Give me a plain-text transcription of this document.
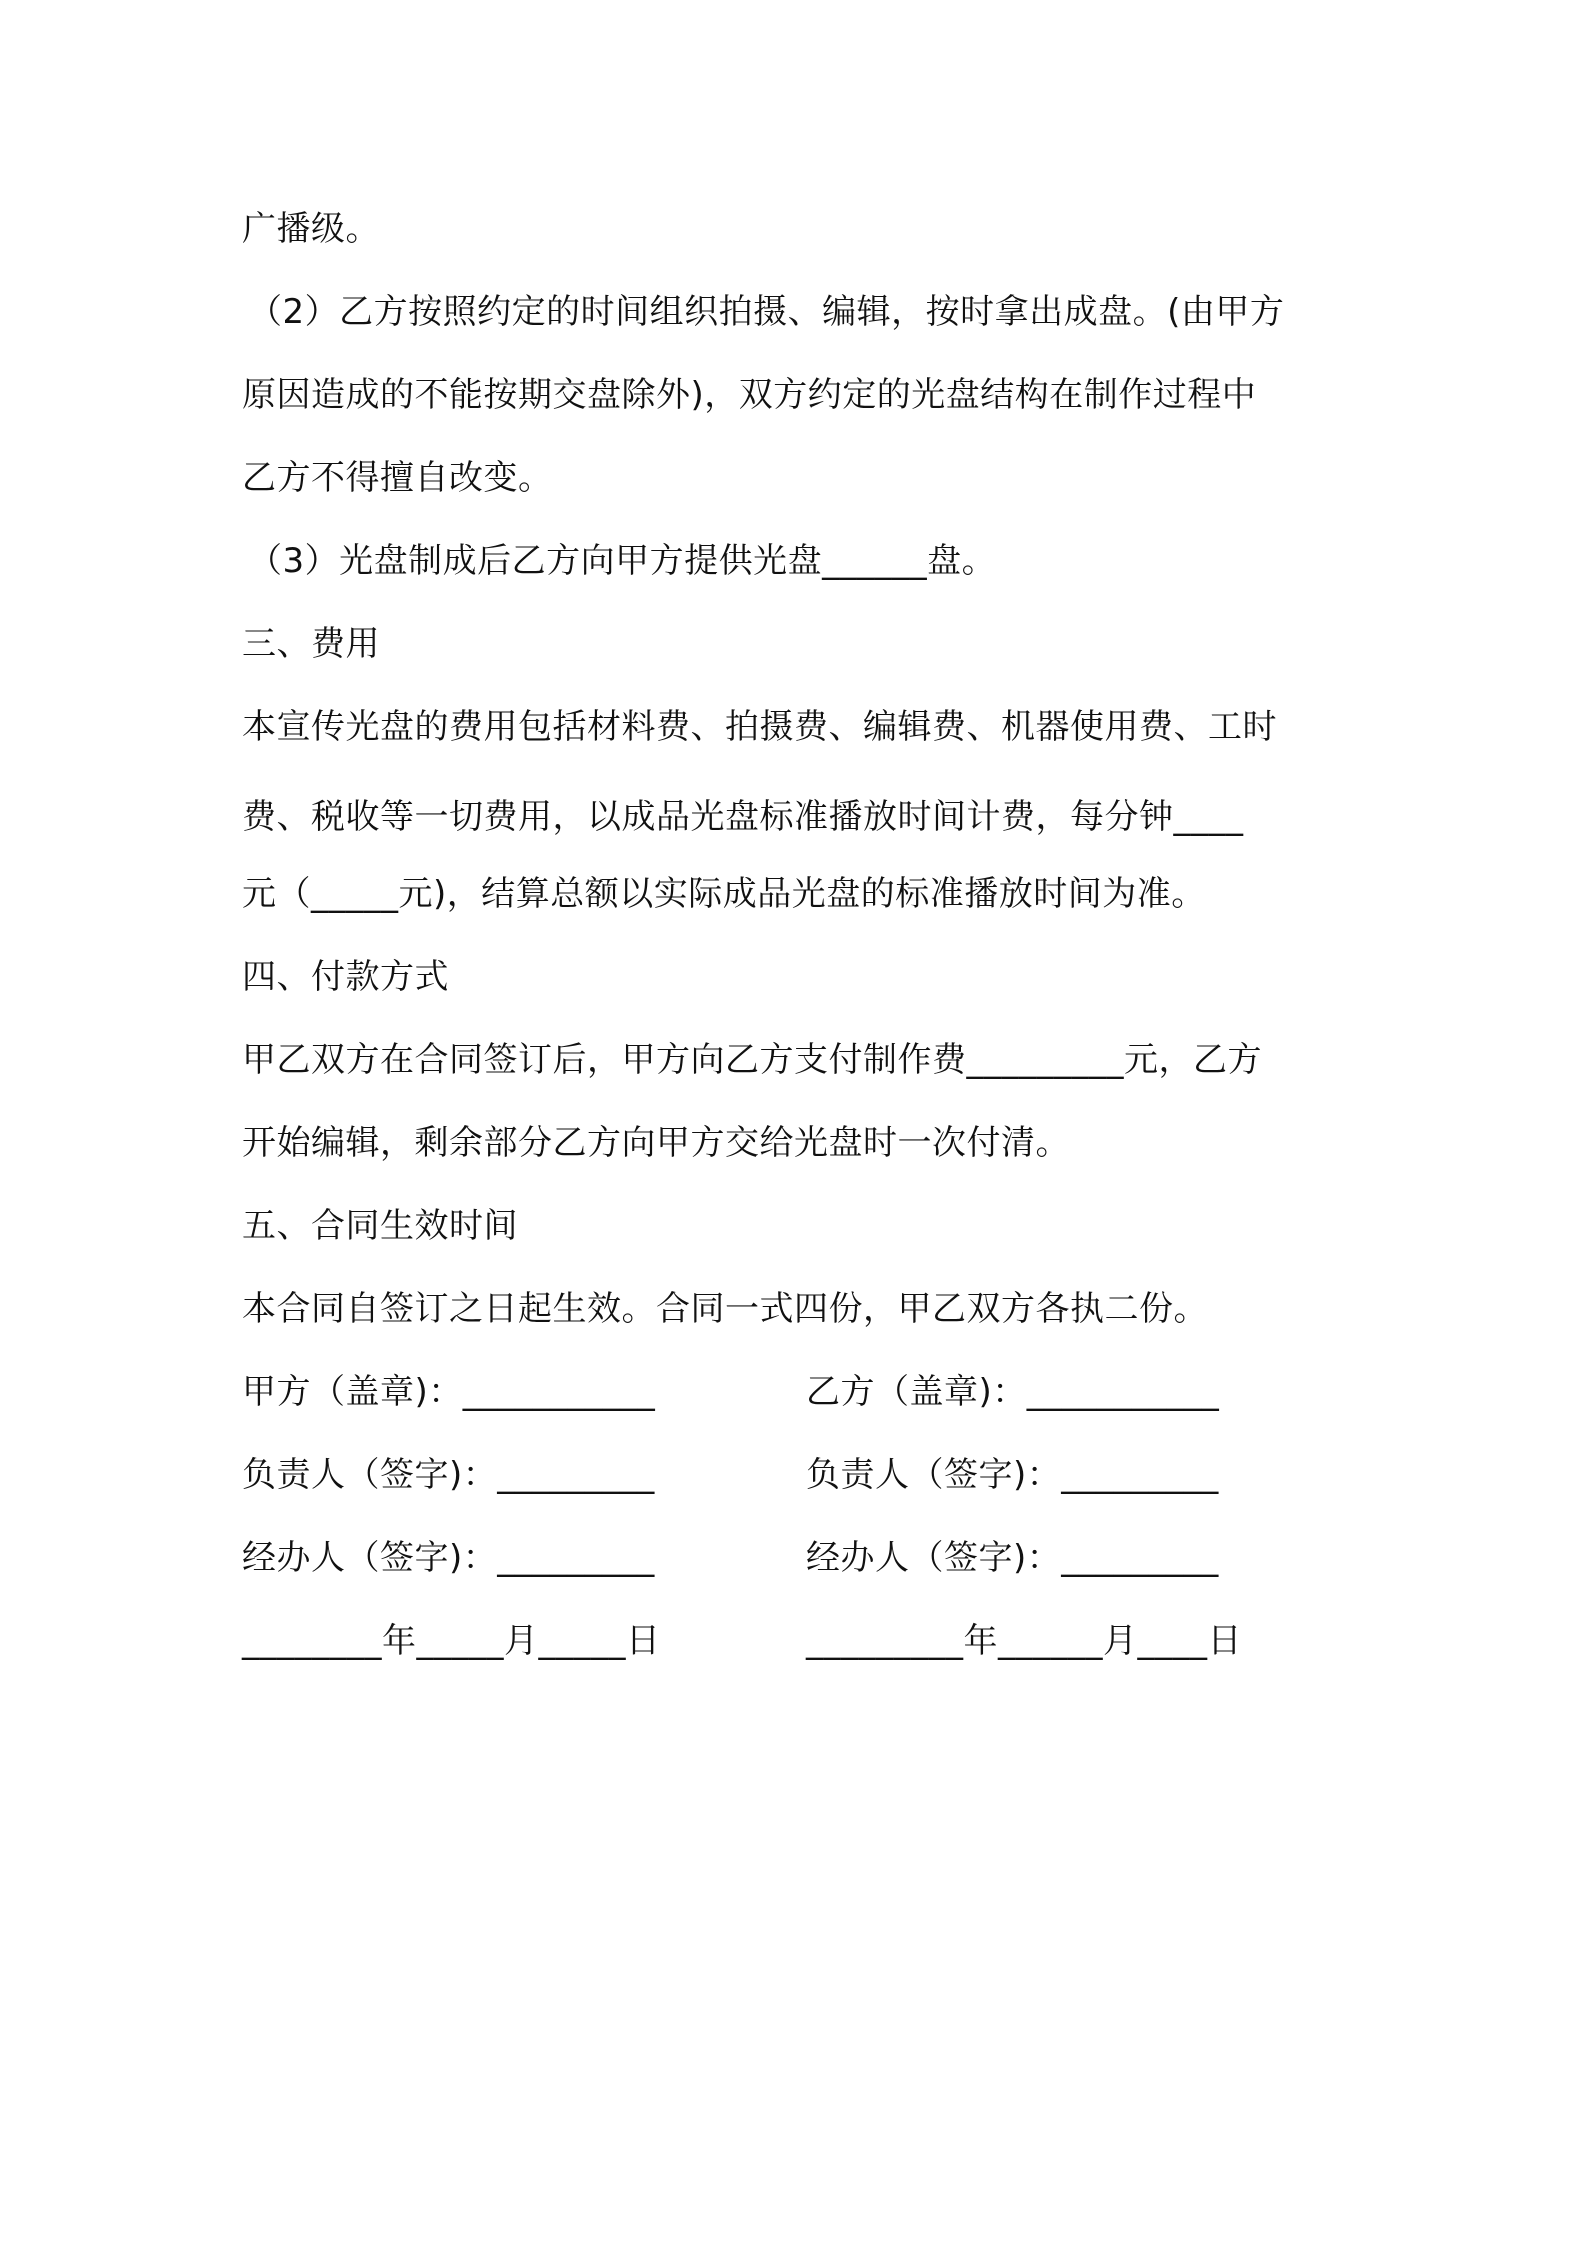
广播级。
（2）乙方按照约定的时间组织拍摄、编辑，按时拿出成盘。(由甲方
原因造成的不能按期交盘除外)，双方约定的光盘结构在制作过程中
乙方不得擅自改变。
（3）光盘制成后乙方向甲方提供光盘______盘。
三、费用
本宣传光盘的费用包括材料费、拍摄费、编辑费、机器使用费、工时
费、税收等一切费用，以成品光盘标准播放时间计费，每分钟____
元（_____元)，结算总额以实际成品光盘的标准播放时间为准。
四、付款方式
甲乙双方在合同签订后，甲方向乙方支付制作费_________元，乙方
开始编辑，剩余部分乙方向甲方交给光盘时一次付清。
五、合同生效时间
本合同自签订之日起生效。合同一式四份，甲乙双方各执二份。
甲方（盖章)：___________	乙方（盖章)：___________
负责人（签字)：_________	负责人（签字)：_________
经办人（签字)：_________	经办人（签字)：_________
________年_____月_____日	_________年______月____日
